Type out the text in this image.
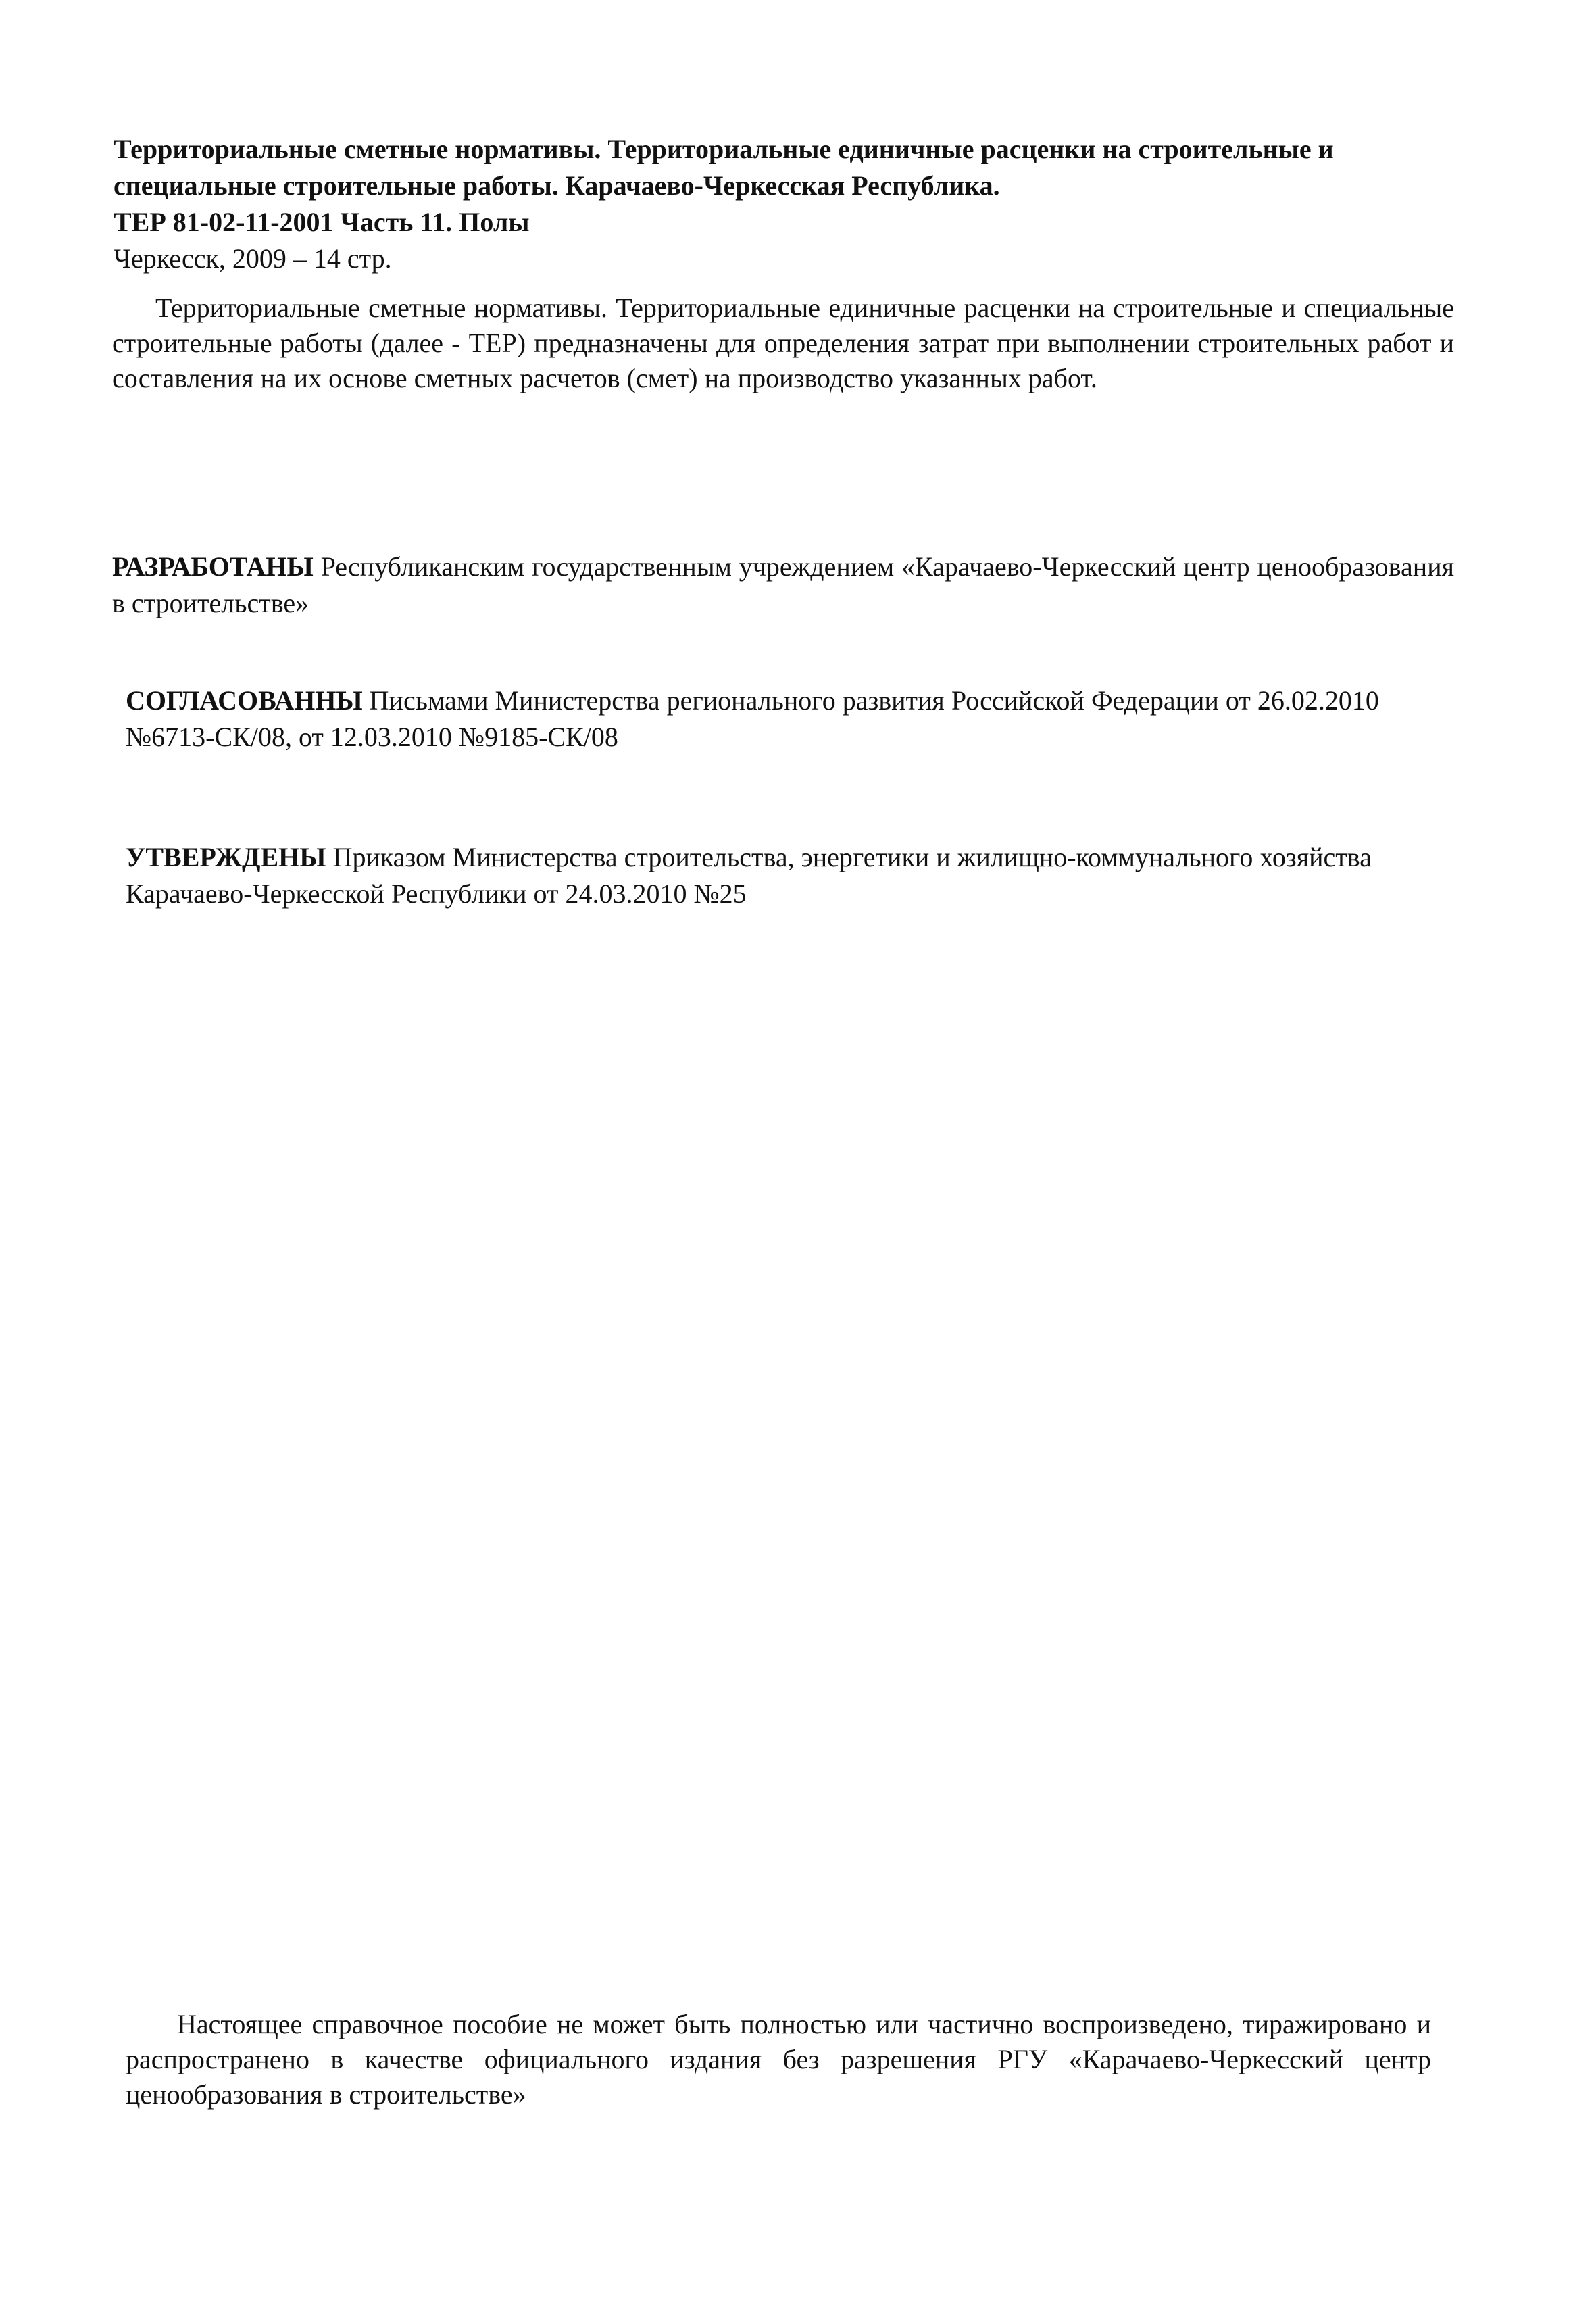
Территориальные сметные нормативы. Территориальные единичные расценки на строительные и
специальные строительные работы. Карачаево-Черкесская Республика.
ТЕР 81-02-11-2001 Часть 11. Полы
Черкесск, 2009 – 14 стр.
Территориальные сметные нормативы. Территориальные единичные расценки на строительные и специальные строительные работы (далее - ТЕР) предназначены для определения затрат при выполнении строительных работ и составления на их основе сметных расчетов (смет) на производство указанных работ.
РАЗРАБОТАНЫ Республиканским государственным учреждением «Карачаево-Черкесский центр ценообразования в строительстве»
СОГЛАСОВАННЫ Письмами Министерства регионального развития Российской Федерации от 26.02.2010 №6713-СК/08, от 12.03.2010 №9185-СК/08
УТВЕРЖДЕНЫ Приказом Министерства строительства, энергетики и жилищно-коммунального хозяйства Карачаево-Черкесской Республики от 24.03.2010 №25
Настоящее справочное пособие не может быть полностью или частично воспроизведено, тиражировано и распространено в качестве официального издания без разрешения РГУ «Карачаево-Черкесский центр ценообразования в строительстве»
